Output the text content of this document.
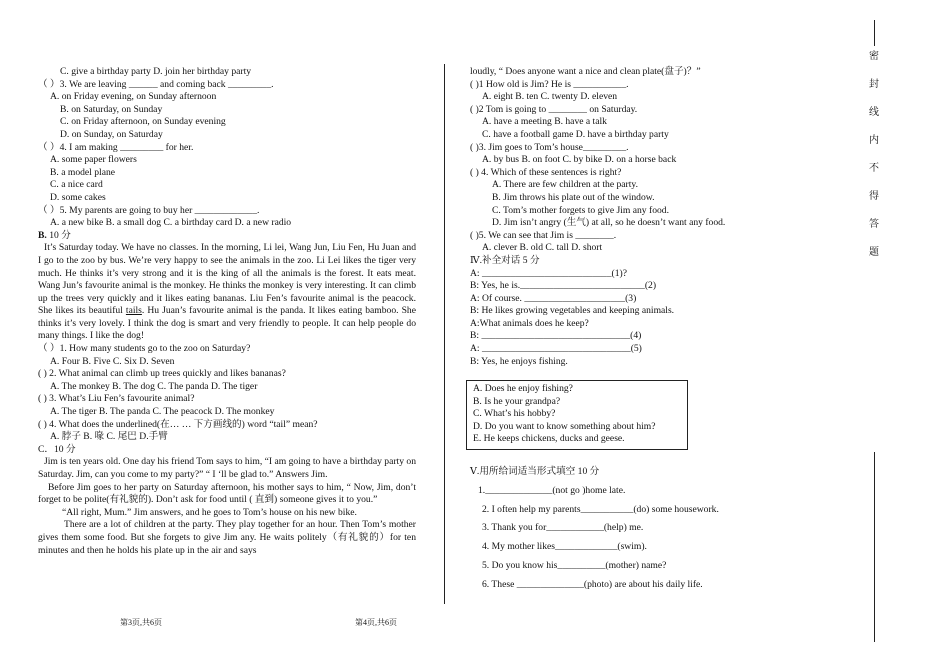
C. give a birthday party D. join her birthday party

（ ）3. We are leaving ______ and coming back _________.

A. on Friday evening, on Sunday afternoon

B. on Saturday, on Sunday

C. on Friday afternoon, on Sunday evening

D. on Sunday, on Saturday

（ ）4. I am making _________ for her.

A. some paper flowers

B. a model plane

C. a nice card

D. some cakes

（ ）5. My parents are going to buy her _____________.

A. a new bike B. a small dog C. a birthday card D. a new radio

B. 10 分

It’s Saturday today. We have no classes. In the morning, Li lei, Wang Jun, Liu Fen, Hu Juan and I go to the zoo by bus. We’re very happy to see the animals in the zoo. Li Lei likes the tiger very much. He thinks it’s very strong and it is the king of all the animals is the forest. It eats meat. Wang Jun’s favourite animal is the monkey. He thinks the monkey is very interesting. It can climb up the trees very quickly and it likes eating bananas. Liu Fen’s favourite animal is the peacock. She likes its beautiful tails. Hu Juan’s favourite animal is the panda. It likes eating bamboo. She thinks it’s very lovely. I think the dog is smart and very friendly to people. It can help people do many things. I like the dog!

（ ）1. How many students go to the zoo on Saturday?

A. Four B. Five C. Six D. Seven

( ) 2. What animal can climb up trees quickly and likes bananas?

A. The monkey B. The dog C. The panda D. The tiger

( ) 3. What’s Liu Fen’s favourite animal?

A. The tiger B. The panda C. The peacock D. The monkey

( ) 4. What does the underlined(在… … 下方画线的) word “tail” mean?

A. 脖子 B. 喙 C. 尾巴 D.手臂

C．10 分

Jim is ten years old. One day his friend Tom says to him, “I am going to have a birthday party on Saturday. Jim, can you come to my party?” “ I ‘ll be glad to.” Answers Jim.

Before Jim goes to her party on Saturday afternoon, his mother says to him, “ Now, Jim, don’t forget to be polite(有礼貌的). Don’t ask for food until ( 直到) someone gives it to you.”

“All right, Mum.” Jim answers, and he goes to Tom’s house on his new bike.

There are a lot of children at the party. They play together for an hour. Then Tom’s mother gives them some food. But she forgets to give Jim any. He waits politely（有礼貌的）for ten minutes and then he holds his plate up in the air and says

loudly, “ Does anyone want a nice and clean plate(盘子)？”

( )1 How old is Jim? He is ___________.

A. eight B. ten C. twenty D. eleven

( )2 Tom is going to ________ on Saturday.

A. have a meeting B. have a talk

C. have a football game D. have a birthday party

( )3. Jim goes to Tom’s house_________.

A. by bus B. on foot C. by bike D. on a horse back

( ) 4. Which of these sentences is right?

A. There are few children at the party.

B. Jim throws his plate out of the window.

C. Tom’s mother forgets to give Jim any food.

D. Jim isn’t angry (生气) at all, so he doesn’t want any food.

( )5. We can see that Jim is ________.

A. clever B. old C. tall D. short

Ⅳ.补全对话 5 分

A: ___________________________(1)?

B: Yes, he is.__________________________(2)

A: Of course. _____________________(3)

B: He likes growing vegetables and keeping animals.

A:What animals does he keep?

B: _______________________________(4)

A: _______________________________(5)

B: Yes, he enjoys fishing.

A. Does he enjoy fishing?

B. Is he your grandpa?

C. What’s his hobby?

D. Do you want to know something about him?

E. He keeps chickens, ducks and geese.

Ⅴ.用所给词适当形式填空 10 分

1.______________(not go )home late.

2. I often help my parents___________(do) some housework.

3. Thank you for____________(help) me.

4. My mother likes_____________(swim).

5. Do you know his__________(mother) name?

6. These ______________(photo) are about his daily life.

第3页,共6页	第4页,共6页
密
封
线
内
不
得
答
题
